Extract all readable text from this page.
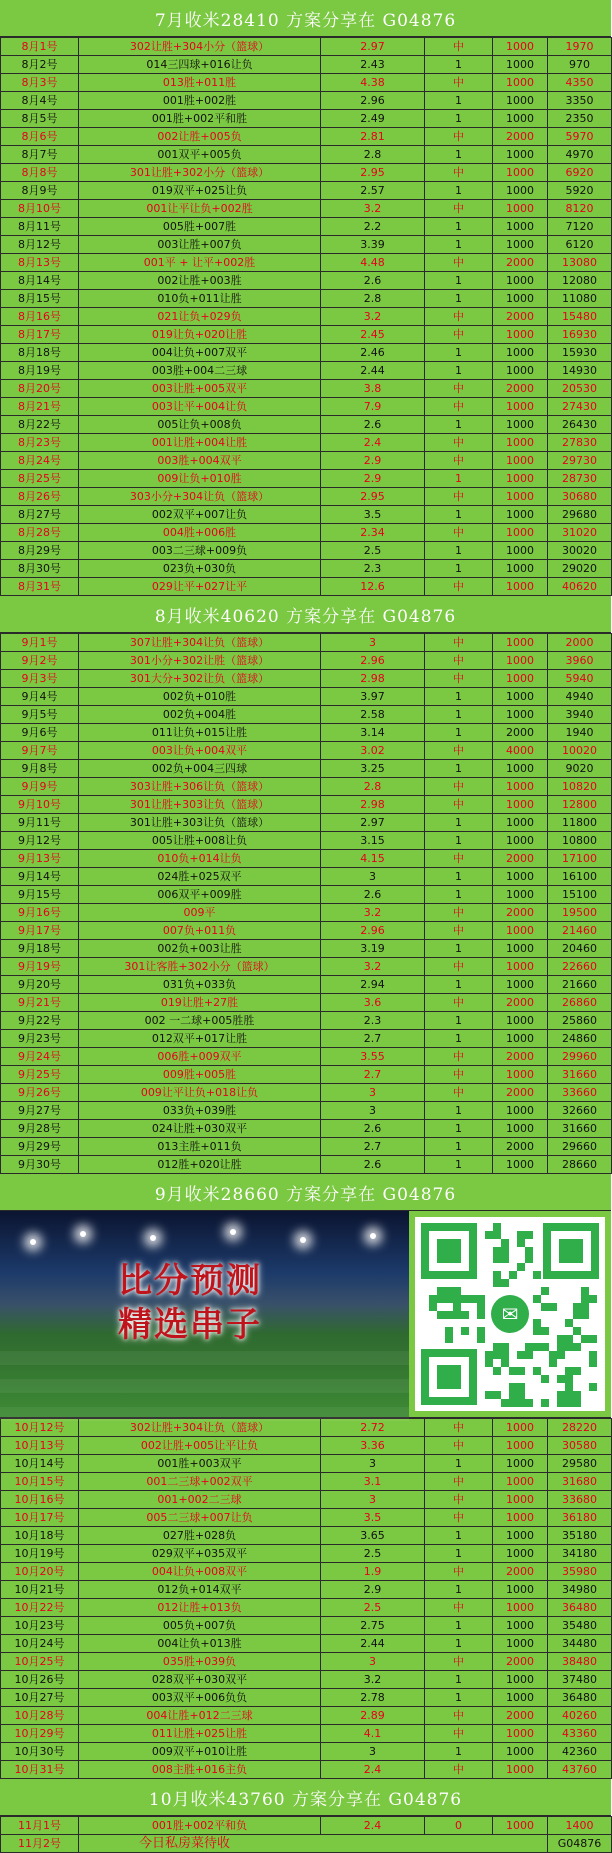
7月收米28410 方案分享在 G04876
8月1号	302让胜+304小分（篮球）	2.97	中	1000	1970
8月2号	014三四球+016让负	2.43	1	1000	970
8月3号	013胜+011胜	4.38	中	1000	4350
8月4号	001胜+002胜	2.96	1	1000	3350
8月5号	001胜+002平和胜	2.49	1	1000	2350
8月6号	002让胜+005负	2.81	中	2000	5970
8月7号	001双平+005负	2.8	1	1000	4970
8月8号	301让胜+302小分（篮球）	2.95	中	1000	6920
8月9号	019双平+025让负	2.57	1	1000	5920
8月10号	001让平让负+002胜	3.2	中	1000	8120
8月11号	005胜+007胜	2.2	1	1000	7120
8月12号	003让胜+007负	3.39	1	1000	6120
8月13号	001平 + 让平+002胜	4.48	中	2000	13080
8月14号	002让胜+003胜	2.6	1	1000	12080
8月15号	010负+011让胜	2.8	1	1000	11080
8月16号	021让负+029负	3.2	中	2000	15480
8月17号	019让负+020让胜	2.45	中	1000	16930
8月18号	004让负+007双平	2.46	1	1000	15930
8月19号	003胜+004二三球	2.44	1	1000	14930
8月20号	003让胜+005双平	3.8	中	2000	20530
8月21号	003让平+004让负	7.9	中	1000	27430
8月22号	005让负+008负	2.6	1	1000	26430
8月23号	001让胜+004让胜	2.4	中	1000	27830
8月24号	003胜+004双平	2.9	中	1000	29730
8月25号	009让负+010胜	2.9	1	1000	28730
8月26号	303小分+304让负（篮球）	2.95	中	1000	30680
8月27号	002双平+007让负	3.5	1	1000	29680
8月28号	004胜+006胜	2.34	中	1000	31020
8月29号	003二三球+009负	2.5	1	1000	30020
8月30号	023负+030负	2.3	1	1000	29020
8月31号	029让平+027让平	12.6	中	1000	40620
8月收米40620 方案分享在 G04876
9月1号	307让胜+304让负（篮球）	3	中	1000	2000
9月2号	301小分+302让胜（篮球）	2.96	中	1000	3960
9月3号	301大分+302让负（篮球）	2.98	中	1000	5940
9月4号	002负+010胜	3.97	1	1000	4940
9月5号	002负+004胜	2.58	1	1000	3940
9月6号	011让负+015让胜	3.14	1	2000	1940
9月7号	003让负+004双平	3.02	中	4000	10020
9月8号	002负+004三四球	3.25	1	1000	9020
9月9号	303让胜+306让负（篮球）	2.8	中	1000	10820
9月10号	301让胜+303让负（篮球）	2.98	中	1000	12800
9月11号	301让胜+303让负（篮球）	2.97	1	1000	11800
9月12号	005让胜+008让负	3.15	1	1000	10800
9月13号	010负+014让负	4.15	中	2000	17100
9月14号	024胜+025双平	3	1	1000	16100
9月15号	006双平+009胜	2.6	1	1000	15100
9月16号	009平	3.2	中	2000	19500
9月17号	007负+011负	2.96	中	1000	21460
9月18号	002负+003让胜	3.19	1	1000	20460
9月19号	301让客胜+302小分（篮球）	3.2	中	1000	22660
9月20号	031负+033负	2.94	1	1000	21660
9月21号	019让胜+27胜	3.6	中	2000	26860
9月22号	002 一二球+005胜胜	2.3	1	1000	25860
9月23号	012双平+017让胜	2.7	1	1000	24860
9月24号	006胜+009双平	3.55	中	2000	29960
9月25号	009胜+005胜	2.7	中	1000	31660
9月26号	009让平让负+018让负	3	中	2000	33660
9月27号	033负+039胜	3	1	1000	32660
9月28号	024让胜+030双平	2.6	1	1000	31660
9月29号	013主胜+011负	2.7	1	2000	29660
9月30号	012胜+020让胜	2.6	1	1000	28660
9月收米28660 方案分享在 G04876
比分预测
精选串子	✉
10月12号	302让胜+304让负（篮球）	2.72	中	1000	28220
10月13号	002让胜+005让平让负	3.36	中	1000	30580
10月14号	001胜+003双平	3	1	1000	29580
10月15号	001二三球+002双平	3.1	中	1000	31680
10月16号	001+002二三球	3	中	1000	33680
10月17号	005二三球+007让负	3.5	中	1000	36180
10月18号	027胜+028负	3.65	1	1000	35180
10月19号	029双平+035双平	2.5	1	1000	34180
10月20号	004让负+008双平	1.9	中	2000	35980
10月21号	012负+014双平	2.9	1	1000	34980
10月22号	012让胜+013负	2.5	中	1000	36480
10月23号	005负+007负	2.75	1	1000	35480
10月24号	004让负+013胜	2.44	1	1000	34480
10月25号	035胜+039负	3	中	2000	38480
10月26号	028双平+030双平	3.2	1	1000	37480
10月27号	003双平+006负负	2.78	1	1000	36480
10月28号	004让胜+012二三球	2.89	中	2000	40260
10月29号	011让胜+025让胜	4.1	中	1000	43360
10月30号	009双平+010让胜	3	1	1000	42360
10月31号	008主胜+016主负	2.4	中	1000	43760
10月收米43760 方案分享在 G04876
11月1号	001胜+002平和负	2.4	0	1000	1400
11月2号	今日私房菜待收				G04876
